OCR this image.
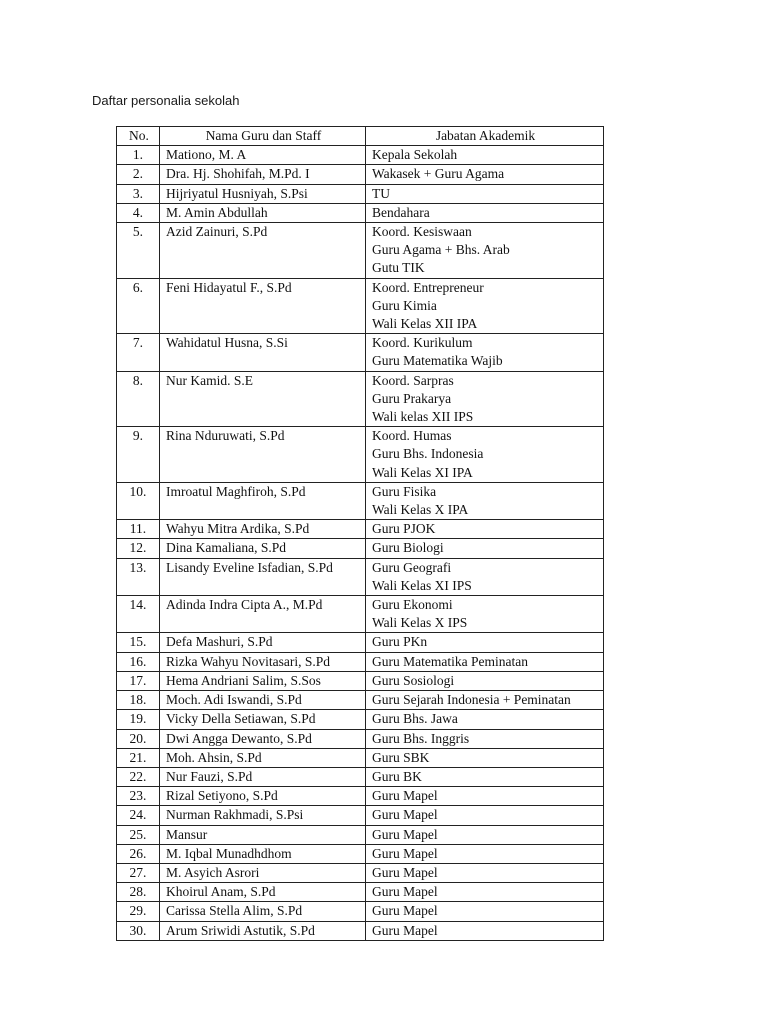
Daftar personalia sekolah
No.	Nama Guru dan Staff	Jabatan Akademik
1.	Mationo, M. A	Kepala Sekolah

2.	Dra. Hj. Shohifah, M.Pd. I	Wakasek + Guru Agama

3.	Hijriyatul Husniyah, S.Psi	TU

4.	M. Amin Abdullah	Bendahara

5.	Azid Zainuri, S.Pd	Koord. Kesiswaan
Guru Agama + Bhs. Arab
Gutu TIK

6.	Feni Hidayatul F., S.Pd	Koord. Entrepreneur
Guru Kimia
Wali Kelas XII IPA

7.	Wahidatul Husna, S.Si	Koord. Kurikulum
Guru Matematika Wajib

8.	Nur Kamid. S.E	Koord. Sarpras
Guru Prakarya
Wali kelas XII IPS

9.	Rina Nduruwati, S.Pd	Koord. Humas
Guru Bhs. Indonesia
Wali Kelas XI IPA

10.	Imroatul Maghfiroh, S.Pd	Guru Fisika
Wali Kelas X IPA

11.	Wahyu Mitra Ardika, S.Pd	Guru PJOK

12.	Dina Kamaliana, S.Pd	Guru Biologi

13.	Lisandy Eveline Isfadian, S.Pd	Guru Geografi
Wali Kelas XI IPS

14.	Adinda Indra Cipta A., M.Pd	Guru Ekonomi
Wali Kelas X IPS

15.	Defa Mashuri, S.Pd	Guru PKn

16.	Rizka Wahyu Novitasari, S.Pd	Guru Matematika Peminatan

17.	Hema Andriani Salim, S.Sos	Guru Sosiologi

18.	Moch. Adi Iswandi, S.Pd	Guru Sejarah Indonesia + Peminatan

19.	Vicky Della Setiawan, S.Pd	Guru Bhs. Jawa

20.	Dwi Angga Dewanto, S.Pd	Guru Bhs. Inggris

21.	Moh. Ahsin, S.Pd	Guru SBK

22.	Nur Fauzi, S.Pd	Guru BK

23.	Rizal Setiyono, S.Pd	Guru Mapel

24.	Nurman Rakhmadi, S.Psi	Guru Mapel

25.	Mansur	Guru Mapel

26.	M. Iqbal Munadhdhom	Guru Mapel

27.	M. Asyich Asrori	Guru Mapel

28.	Khoirul Anam, S.Pd	Guru Mapel

29.	Carissa Stella Alim, S.Pd	Guru Mapel

30.	Arum Sriwidi Astutik, S.Pd	Guru Mapel
